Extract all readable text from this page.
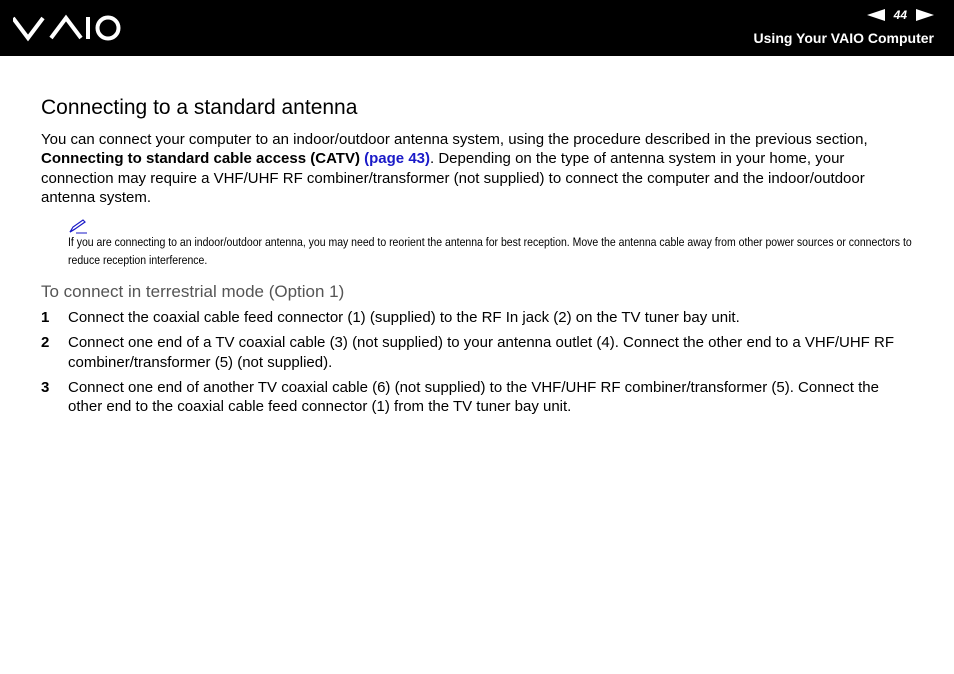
44
Using Your VAIO Computer
Connecting to a standard antenna

You can connect your computer to an indoor/outdoor antenna system, using the procedure described in the previous section, Connecting to standard cable access (CATV) (page 43). Depending on the type of antenna system in your home, your connection may require a VHF/UHF RF combiner/transformer (not supplied) to connect the computer and the indoor/outdoor antenna system.

If you are connecting to an indoor/outdoor antenna, you may need to reorient the antenna for best reception. Move the antenna cable away from other power sources or connectors to reduce reception interference.

To connect in terrestrial mode (Option 1)
1	Connect the coaxial cable feed connector (1) (supplied) to the RF In jack (2) on the TV tuner bay unit.
2	Connect one end of a TV coaxial cable (3) (not supplied) to your antenna outlet (4). Connect the other end to a VHF/UHF RF combiner/transformer (5) (not supplied).
3	Connect one end of another TV coaxial cable (6) (not supplied) to the VHF/UHF RF combiner/transformer (5). Connect the other end to the coaxial cable feed connector (1) from the TV tuner bay unit.
